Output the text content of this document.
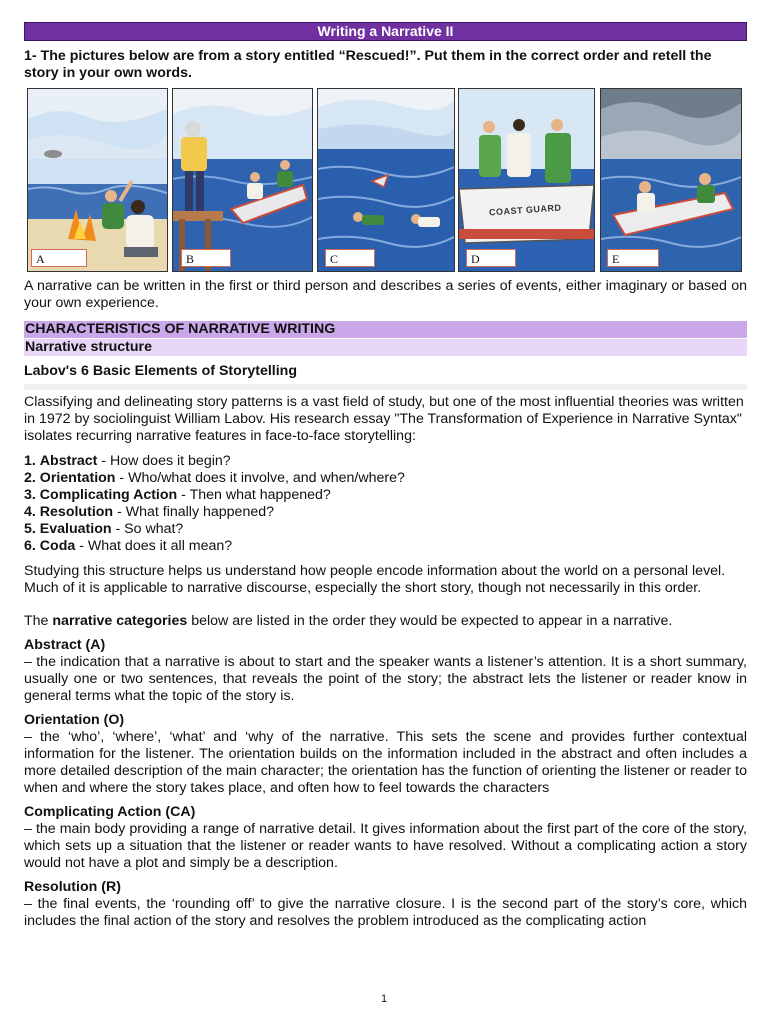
Writing a Narrative II
1- The pictures below are from a story entitled “Rescued!”. Put them in the correct order and retell the story in your own words.
A	B	C
COAST GUARD
D	E

A narrative can be written in the first or third person and describes a series of events, either imaginary or based on your own experience.

CHARACTERISTICS OF NARRATIVE WRITING
Narrative structure
Labov's 6 Basic Elements of Storytelling

Classifying and delineating story patterns is a vast field of study, but one of the most influential theories was written in 1972 by sociolinguist William Labov. His research essay "The Transformation of Experience in Narrative Syntax" isolates recurring narrative features in face-to-face storytelling:

1. Abstract - How does it begin?
2. Orientation - Who/what does it involve, and when/where?
3. Complicating Action - Then what happened?
4. Resolution - What finally happened?
5. Evaluation - So what?
6. Coda - What does it all mean?

Studying this structure helps us understand how people encode information about the world on a personal level. Much of it is applicable to narrative discourse, especially the short story, though not necessarily in this order.

The narrative categories below are listed in the order they would be expected to appear in a narrative.

Abstract (A)

– the indication that a narrative is about to start and the speaker wants a listener’s attention. It is a short summary, usually one or two sentences, that reveals the point of the story; the abstract lets the listener or reader know in general terms what the topic of the story is.

Orientation (O)

– the ‘who’, ‘where’, ‘what’ and ‘why of the narrative. This sets the scene and provides further contextual information for the listener. The orientation builds on the information included in the abstract and often includes a more detailed description of the main character; the orientation has the function of orienting the listener or reader to when and where the story takes place, and often how to feel towards the characters

Complicating Action (CA)

– the main body providing a range of narrative detail. It gives information about the first part of the core of the story, which sets up a situation that the listener or reader wants to have resolved. Without a complicating action a story would not have a plot and simply be a description.

Resolution (R)

– the final events, the ‘rounding off’ to give the narrative closure. I is the second part of the story’s core, which includes the final action of the story and resolves the problem introduced as the complicating action

1
